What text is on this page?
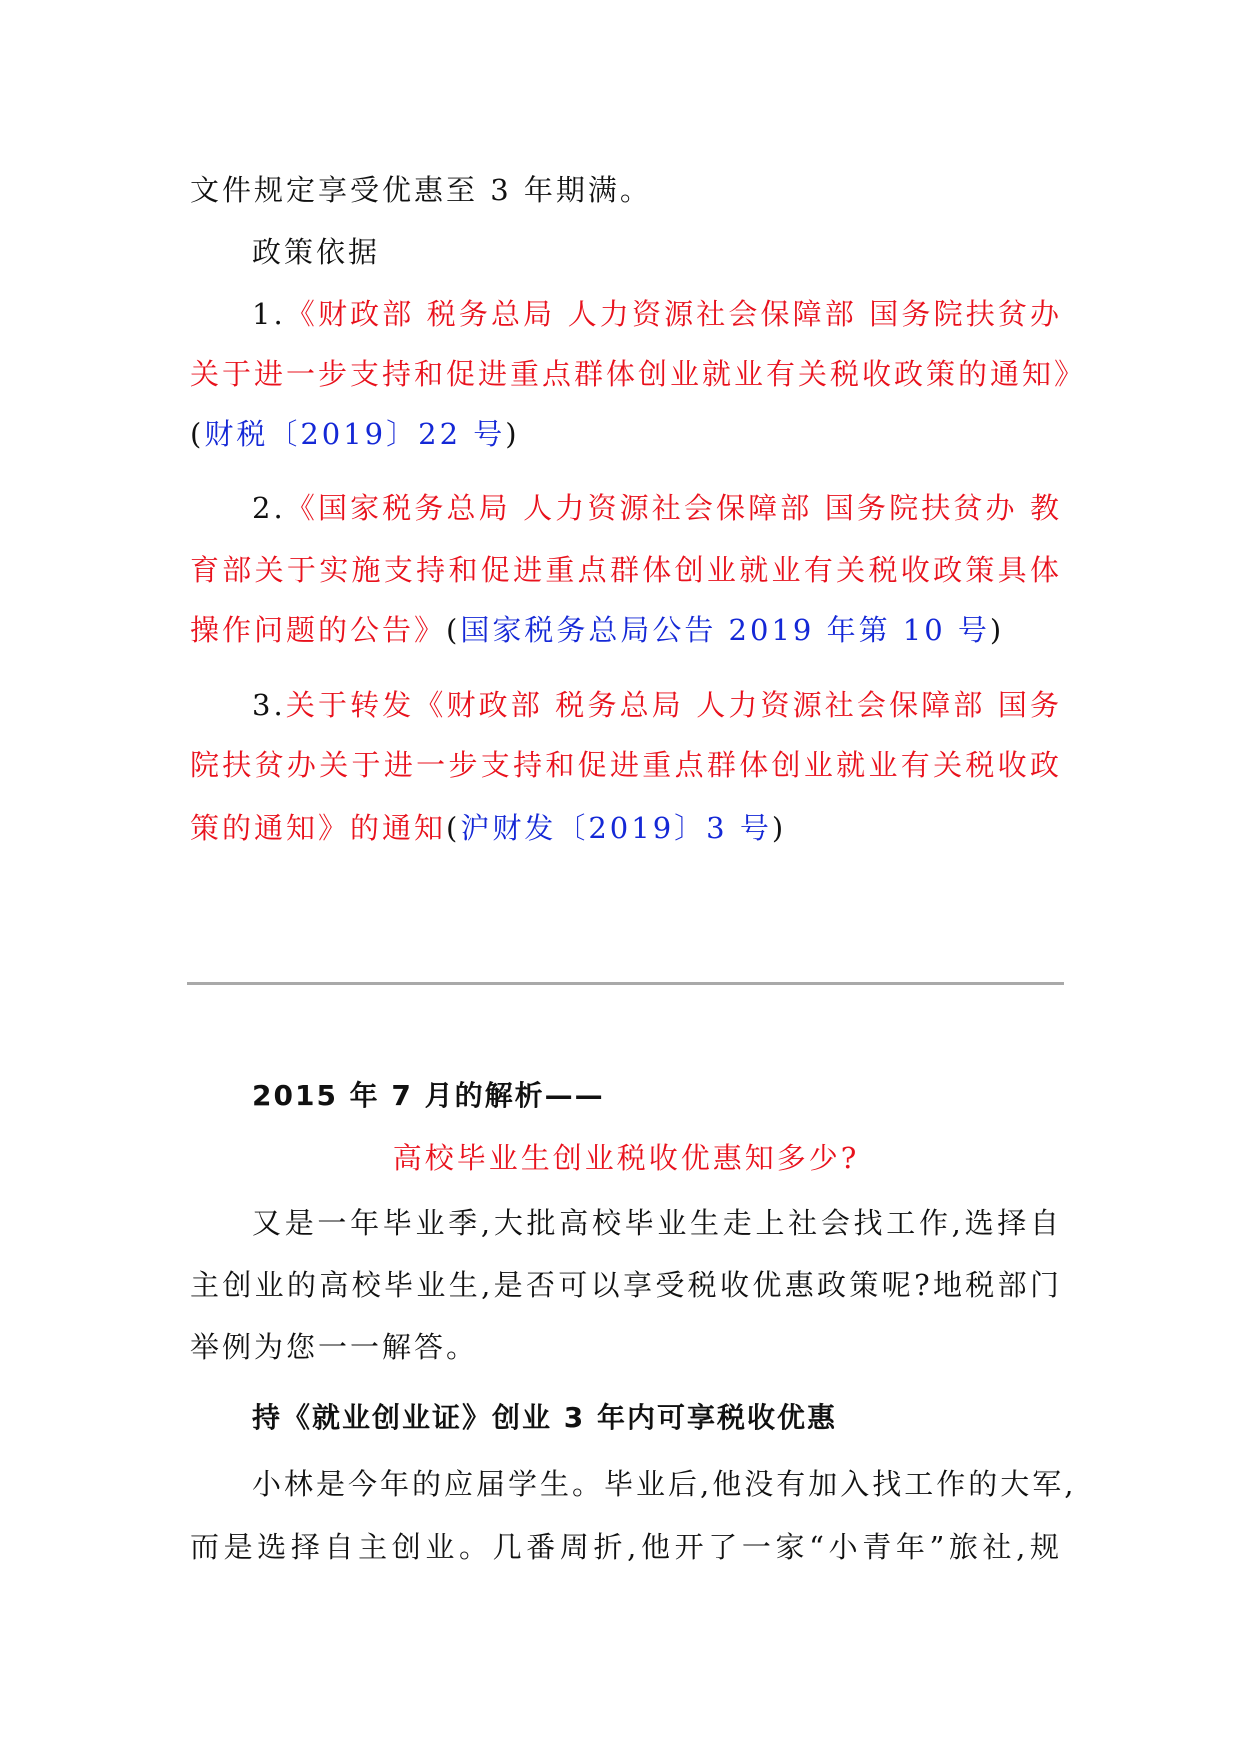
文件规定享受优惠至 3 年期满。
政策依据
1.《财政部 税务总局 人力资源社会保障部 国务院扶贫办
关于进一步支持和促进重点群体创业就业有关税收政策的通知》
(财税〔2019〕22 号)
2.《国家税务总局 人力资源社会保障部 国务院扶贫办 教
育部关于实施支持和促进重点群体创业就业有关税收政策具体
操作问题的公告》(国家税务总局公告 2019 年第 10 号)
3.关于转发《财政部 税务总局 人力资源社会保障部 国务
院扶贫办关于进一步支持和促进重点群体创业就业有关税收政
策的通知》的通知(沪财发〔2019〕3 号)
2015 年 7 月的解析——
高校毕业生创业税收优惠知多少?
又是一年毕业季,大批高校毕业生走上社会找工作,选择自
主创业的高校毕业生,是否可以享受税收优惠政策呢?地税部门
举例为您一一解答。
持《就业创业证》创业 3 年内可享税收优惠
小林是今年的应届学生。毕业后,他没有加入找工作的大军,
而是选择自主创业。几番周折,他开了一家“小青年”旅社,规
